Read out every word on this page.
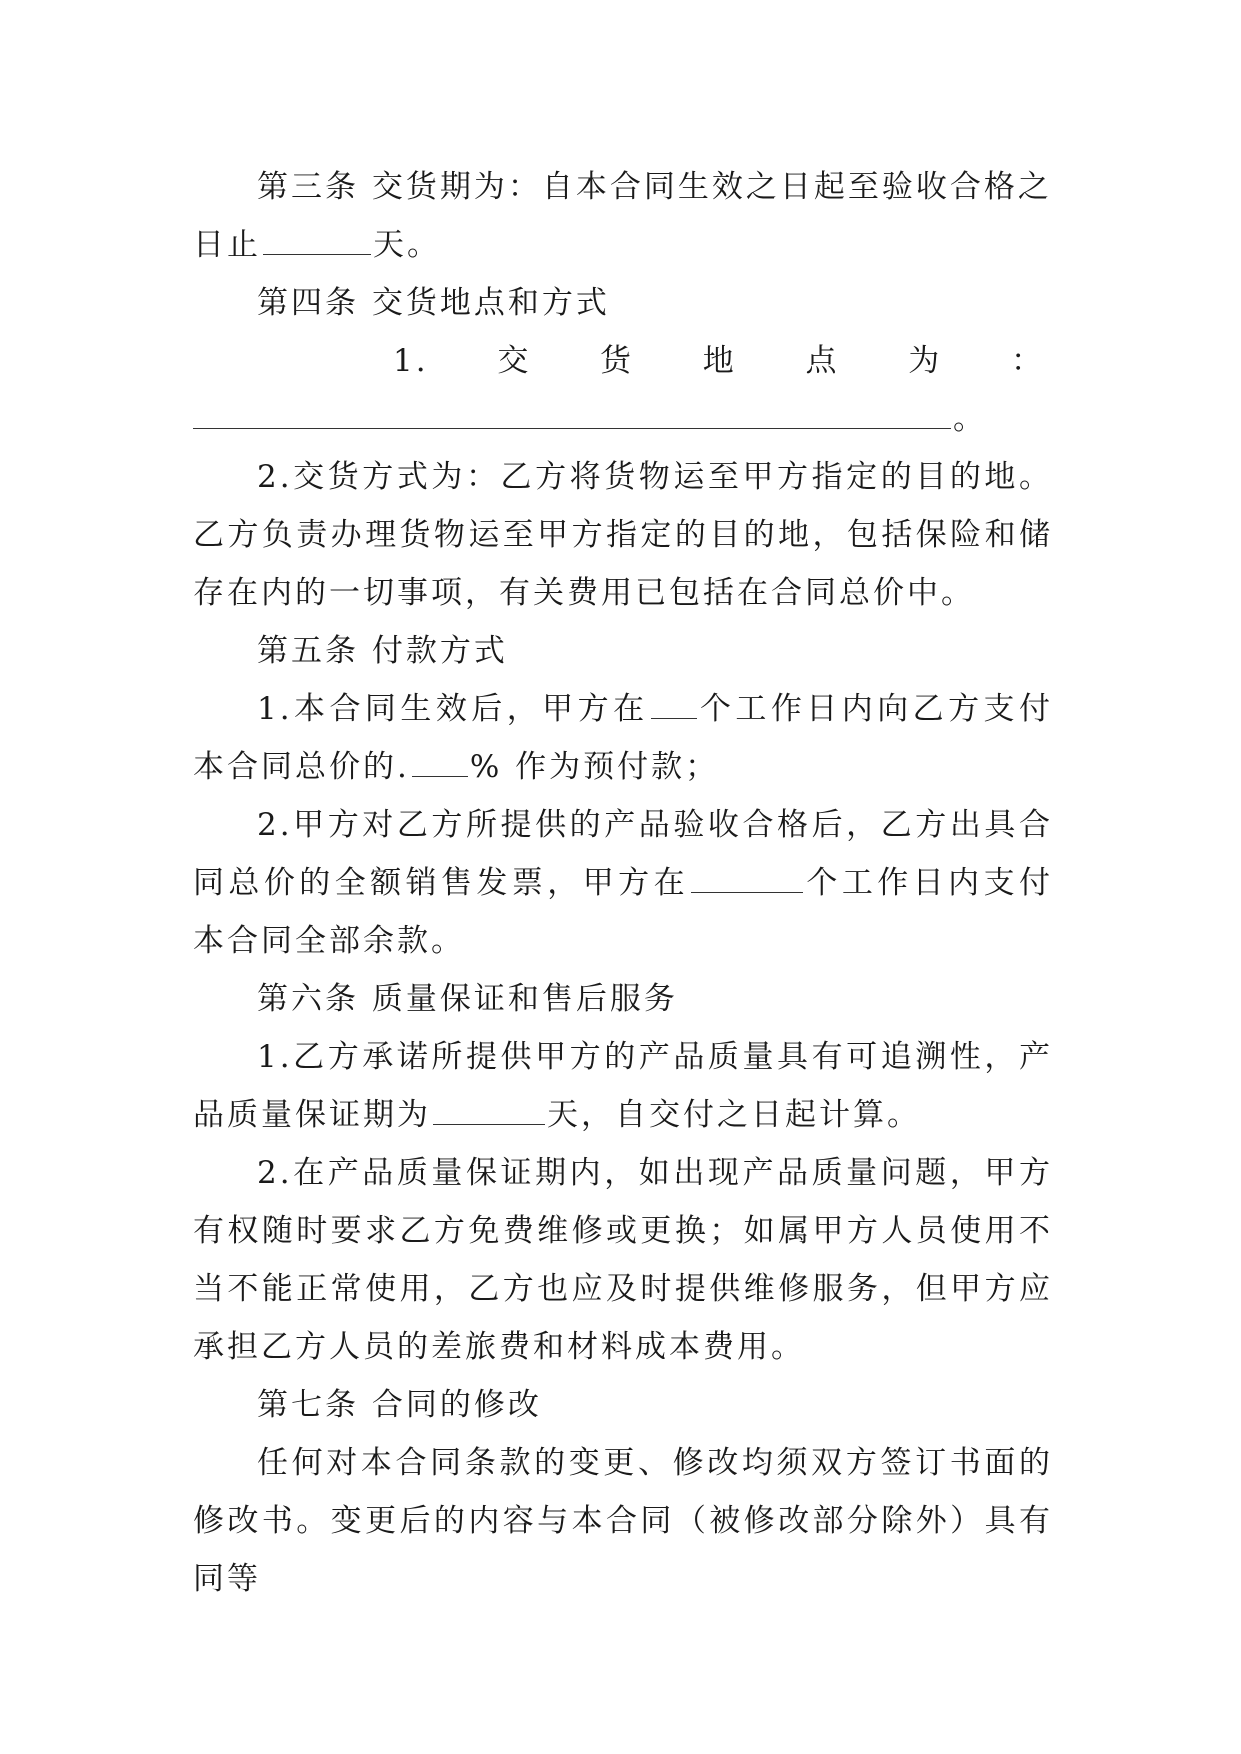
第三条 交货期为：自本合同生效之日起至验收合格之

日止	天。

第四条 交货地点和方式

1. 交 货 地 点 为 ：

。

2.交货方式为：乙方将货物运至甲方指定的目的地。乙方负责办理货物运至甲方指定的目的地，包括保险和储存在内的一切事项，有关费用已包括在合同总价中。

第五条 付款方式

1.本合同生效后，甲方在 个工作日内向乙方支付本合同总价的. % 作为预付款；

2.甲方对乙方所提供的产品验收合格后，乙方出具合同总价的全额销售发票，甲方在	个工作日内支付本合同全部余款。

第六条 质量保证和售后服务

1.乙方承诺所提供甲方的产品质量具有可追溯性，产品质量保证期为	天，自交付之日起计算。

2.在产品质量保证期内，如出现产品质量问题，甲方有权随时要求乙方免费维修或更换；如属甲方人员使用不当不能正常使用，乙方也应及时提供维修服务，但甲方应承担乙方人员的差旅费和材料成本费用。

第七条 合同的修改

任何对本合同条款的变更、修改均须双方签订书面的修改书。变更后的内容与本合同（被修改部分除外）具有同等
